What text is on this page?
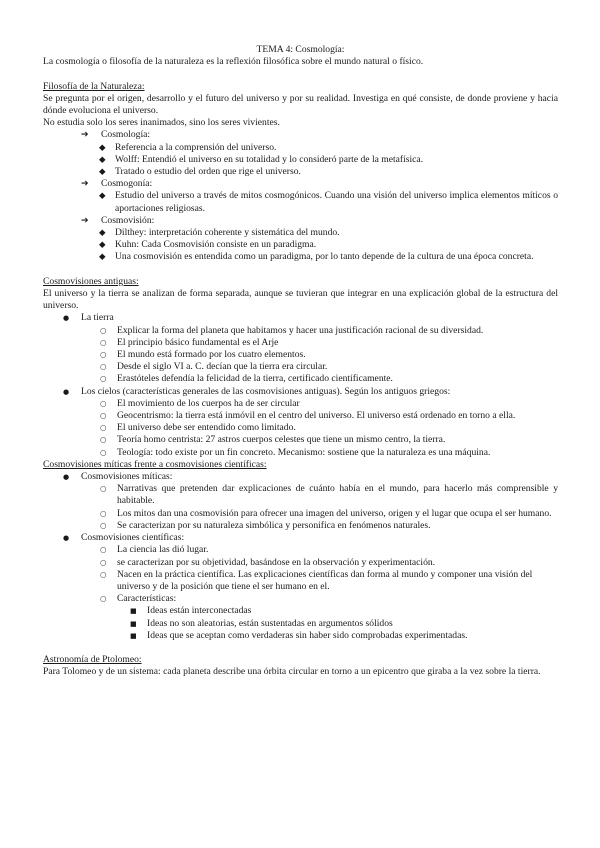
TEMA 4: Cosmología:

La cosmología o filosofía de la naturaleza es la reflexión filosófica sobre el mundo natural o físico.

Filosofía de la Naturaleza:

Se pregunta por el origen, desarrollo y el futuro del universo y por su realidad. Investiga en qué consiste, de donde proviene y hacia dónde evoluciona el universo.

No estudia solo los seres inanimados, sino los seres vivientes.

➔	Cosmología:
◆ Referencia a la comprensión del universo.
◆ Wolff: Entendió el universo en su totalidad y lo consideró parte de la metafísica.
◆ Tratado o estudio del orden que rige el universo.
➔	Cosmogonía:
◆ Estudio del universo a través de mitos cosmogónicos. Cuando una visión del universo implica elementos míticos o aportaciones religiosas.
➔	Cosmovisión:
◆ Dilthey: interpretación coherente y sistemática del mundo.
◆ Kuhn: Cada Cosmovisión consiste en un paradigma.
◆ Una cosmovisión es entendida como un paradigma, por lo tanto depende de la cultura de una época concreta.

Cosmovisiones antiguas:

El universo y la tierra se analizan de forma separada, aunque se tuvieran que integrar en una explicación global de la estructura del universo.

●	La tierra
○	Explicar la forma del planeta que habitamos y hacer una justificación racional de su diversidad.
○	El principio básico fundamental es el Arje
○	El mundo está formado por los cuatro elementos.
○	Desde el siglo VI a. C. decían que la tierra era circular.
○	Erastóteles defendía la felicidad de la tierra, certificado científicamente.
●	Los cielos (características generales de las cosmovisiones antiguas). Según los antiguos griegos:
○	El movimiento de los cuerpos ha de ser circular
○	Geocentrismo: la tierra está inmóvil en el centro del universo. El universo está ordenado en torno a ella.
○	El universo debe ser entendido como limitado.
○	Teoría homo centrista: 27 astros cuerpos celestes que tiene un mismo centro, la tierra.
○	Teología: todo existe por un fin concreto. Mecanismo: sostiene que la naturaleza es una máquina.

Cosmovisiones míticas frente a cosmovisiones científicas:

●	Cosmovisiones míticas:
○	Narrativas que pretenden dar explicaciones de cuánto había en el mundo, para hacerlo más comprensible y habitable.
○	Los mitos dan una cosmovisión para ofrecer una imagen del universo, origen y el lugar que ocupa el ser humano.
○	Se caracterizan por su naturaleza simbólica y personifica en fenómenos naturales.
●	Cosmovisiones científicas:
○	La ciencia las dió lugar.
○	se caracterizan por su objetividad, basándose en la observación y experimentación.
○	Nacen en la práctica científica. Las explicaciones científicas dan forma al mundo y componer una visión del universo y de la posición que tiene el ser humano en el.
○	Características:
■	Ideas están interconectadas
■	Ideas no son aleatorias, están sustentadas en argumentos sólidos
■	Ideas que se aceptan como verdaderas sin haber sido comprobadas experimentadas.

Astronomía de Ptolomeo:

Para Tolomeo y de un sistema: cada planeta describe una órbita circular en torno a un epicentro que giraba a la vez sobre la tierra.
